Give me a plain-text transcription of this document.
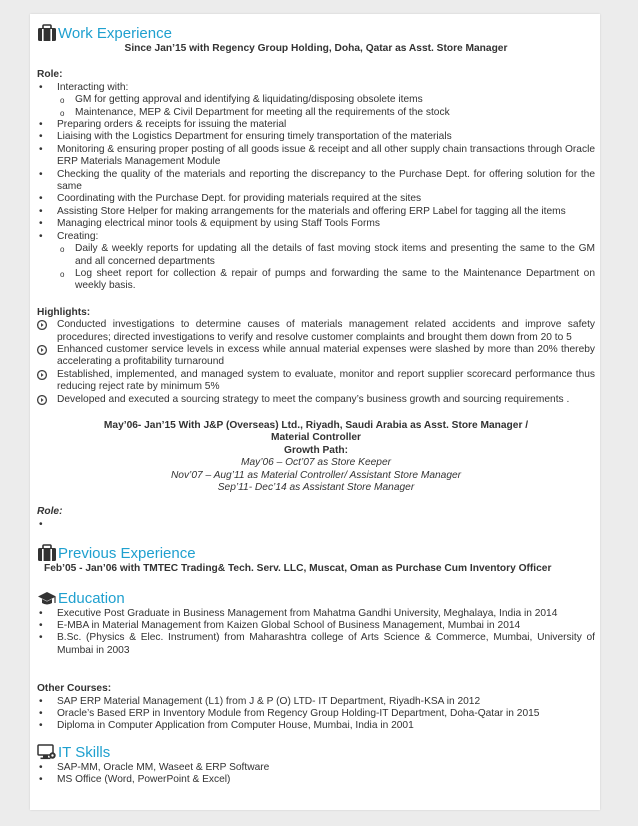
Work Experience
Since Jan’15 with Regency Group Holding, Doha, Qatar as Asst. Store Manager
Role:
• Interacting with:
o GM for getting approval and identifying & liquidating/disposing obsolete items
o Maintenance, MEP & Civil Department for meeting all the requirements of the stock
• Preparing orders & receipts for issuing the material
• Liaising with the Logistics Department for ensuring timely transportation of the materials
• Monitoring & ensuring proper posting of all goods issue & receipt and all other supply chain transactions through Oracle ERP Materials Management Module
• Checking the quality of the materials and reporting the discrepancy to the Purchase Dept. for offering solution for the same
• Coordinating with the Purchase Dept. for providing materials required at the sites
• Assisting Store Helper for making arrangements for the materials and offering ERP Label for tagging all the items
• Managing electrical minor tools & equipment by using Staff Tools Forms
• Creating:
o Daily & weekly reports for updating all the details of fast moving stock items and presenting the same to the GM and all concerned departments
o Log sheet report for collection & repair of pumps and forwarding the same to the Maintenance Department on weekly basis.
Highlights:
Conducted investigations to determine causes of materials management related accidents and improve safety procedures; directed investigations to verify and resolve customer complaints and brought them down from 20 to 5
Enhanced customer service levels in excess while annual material expenses were slashed by more than 20% thereby accelerating a profitability turnaround
Established, implemented, and managed system to evaluate, monitor and report supplier scorecard performance thus reducing reject rate by minimum 5%
Developed and executed a sourcing strategy to meet the company’s business growth and sourcing requirements .
May’06- Jan’15 With J&P (Overseas) Ltd., Riyadh, Saudi Arabia as Asst. Store Manager /
Material Controller
Growth Path:
May’06 – Oct’07 as Store Keeper
Nov’07 – Aug’11 as Material Controller/ Assistant Store Manager
Sep’11- Dec’14 as Assistant Store Manager
Role:
•
Previous Experience
Feb’05 - Jan’06 with TMTEC Trading& Tech. Serv. LLC, Muscat, Oman as Purchase Cum Inventory Officer
Education
• Executive Post Graduate in Business Management from Mahatma Gandhi University, Meghalaya, India in 2014
• E-MBA in Material Management from Kaizen Global School of Business Management, Mumbai in 2014
• B.Sc. (Physics & Elec. Instrument) from Maharashtra college of Arts Science & Commerce, Mumbai, University of Mumbai in 2003
Other Courses:
• SAP ERP Material Management (L1) from J & P (O) LTD- IT Department, Riyadh-KSA in 2012
• Oracle’s Based ERP in Inventory Module from Regency Group Holding-IT Department, Doha-Qatar in 2015
• Diploma in Computer Application from Computer House, Mumbai, India in 2001
IT Skills
• SAP-MM, Oracle MM, Waseet & ERP Software
• MS Office (Word, PowerPoint & Excel)
